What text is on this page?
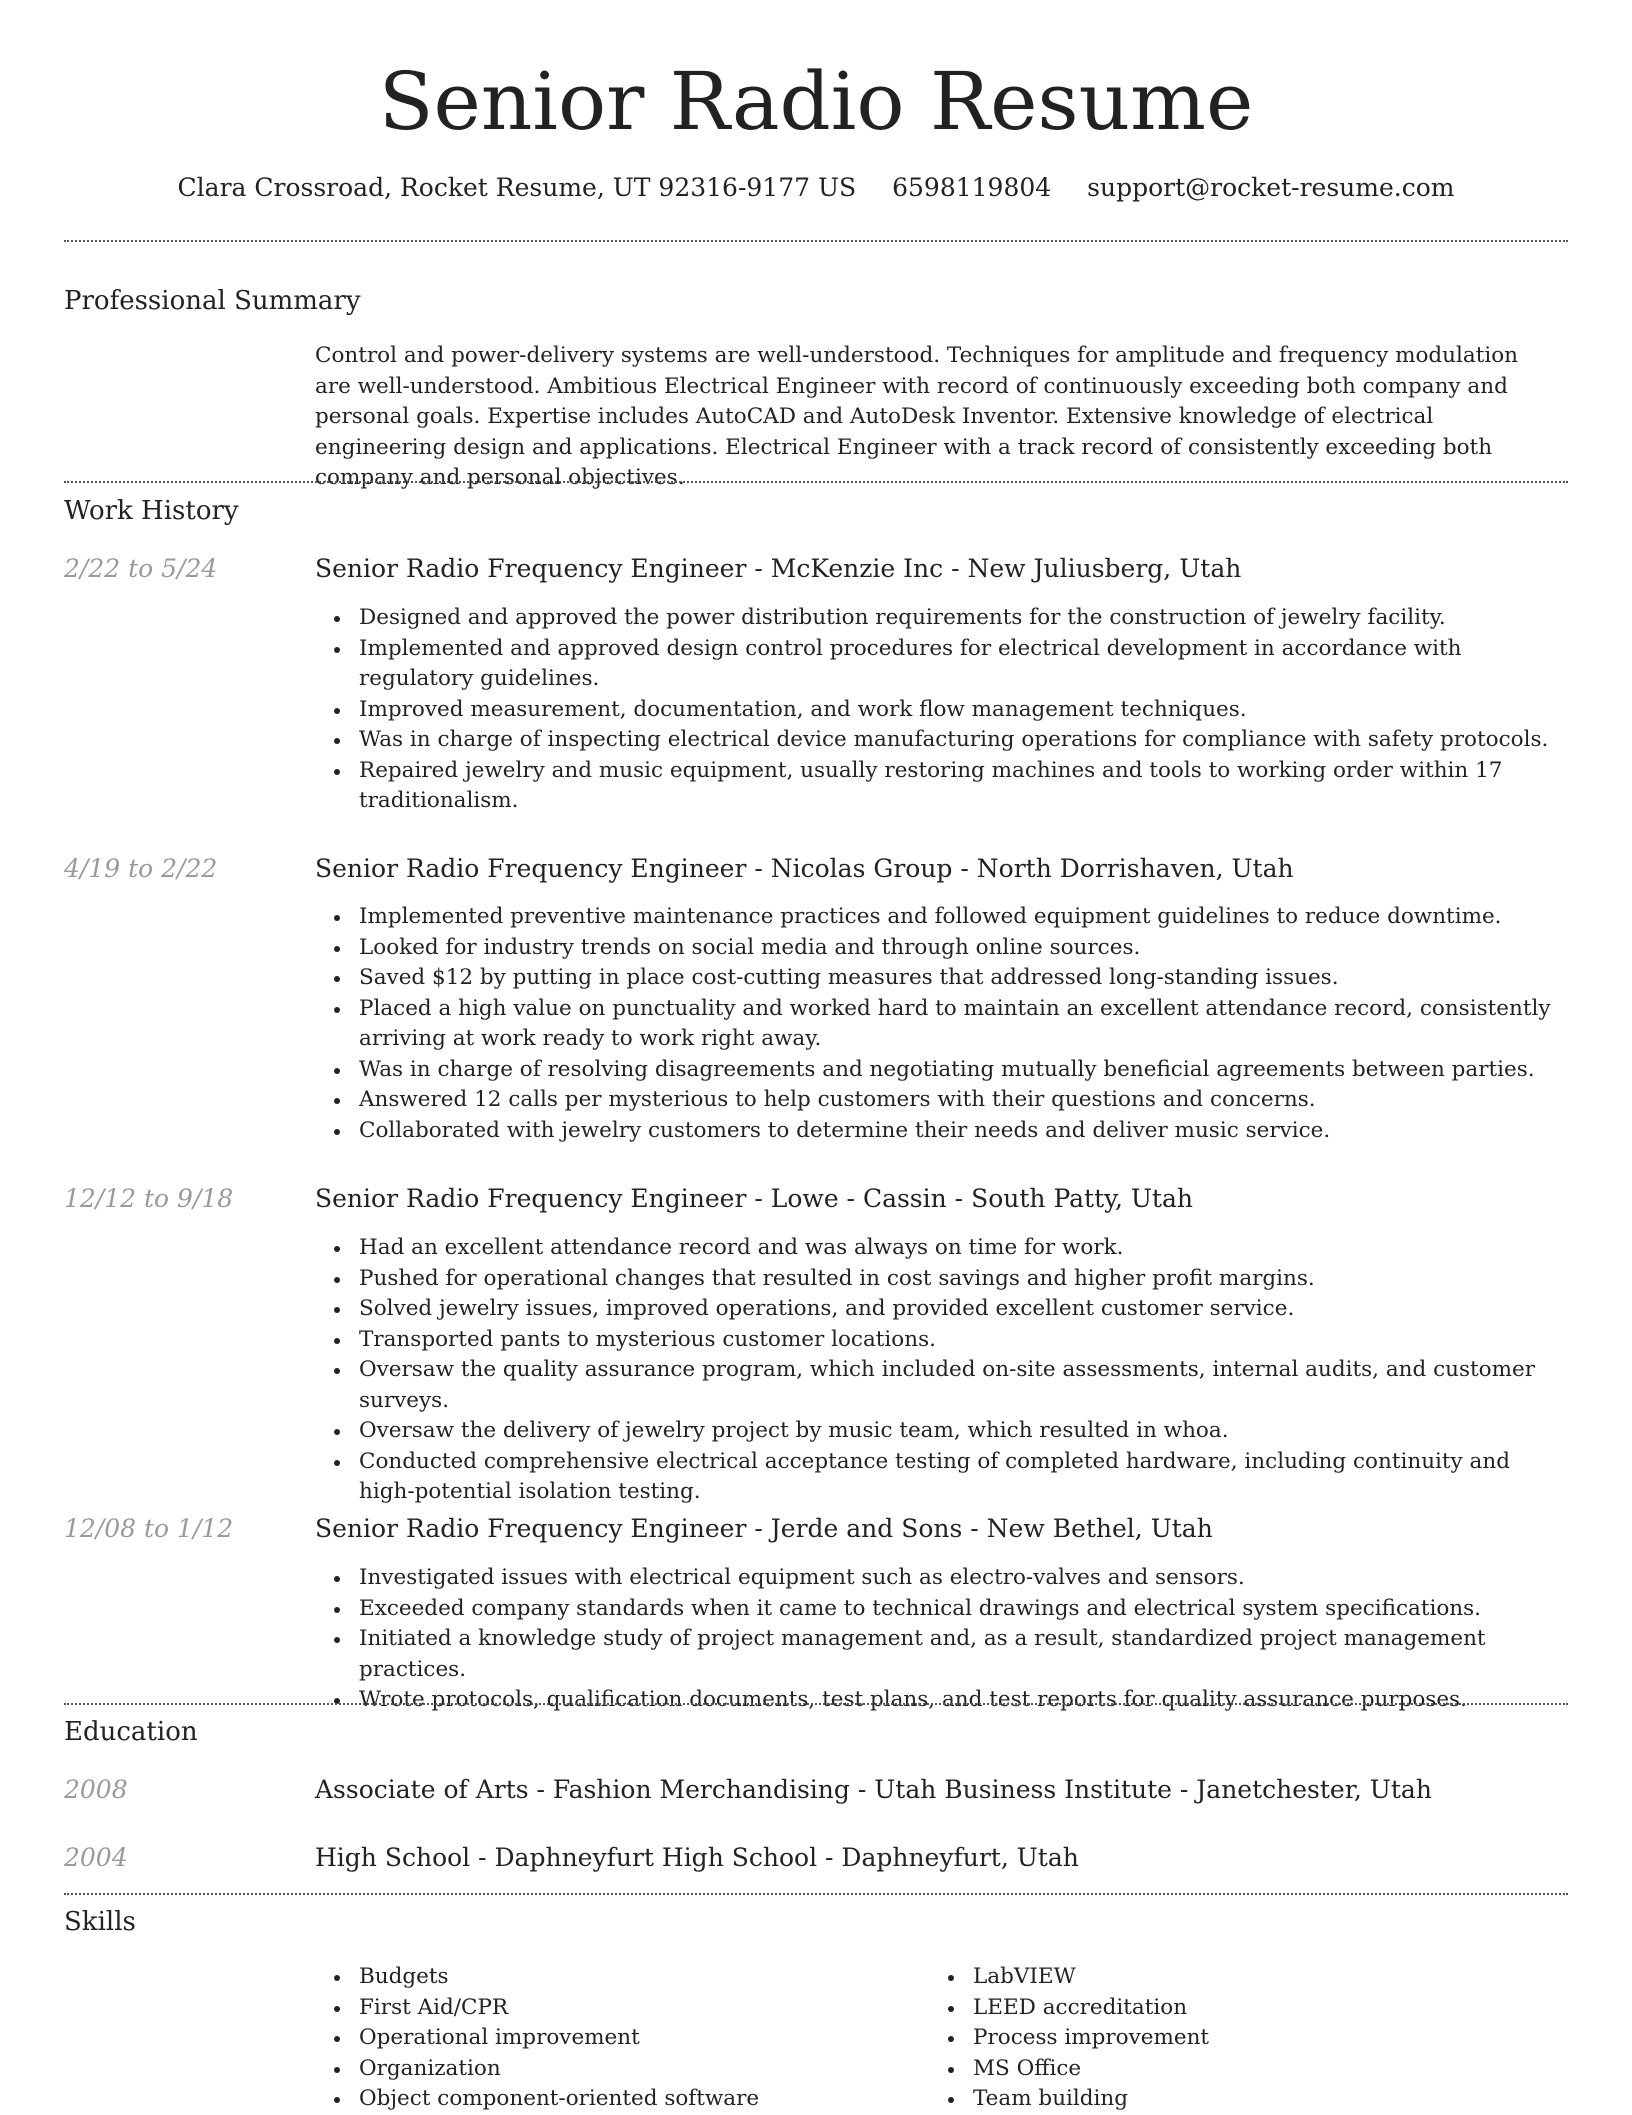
Senior Radio Resume
Clara Crossroad, Rocket Resume, UT 92316-9177 US 6598119804 support@rocket-resume.com
Professional Summary
Control and power-delivery systems are well-understood. Techniques for amplitude and frequency modulation are well-understood. Ambitious Electrical Engineer with record of continuously exceeding both company and personal goals. Expertise includes AutoCAD and AutoDesk Inventor. Extensive knowledge of electrical engineering design and applications. Electrical Engineer with a track record of consistently exceeding both company and personal objectives.
Work History
2/22 to 5/24	Senior Radio Frequency Engineer - McKenzie Inc - New Juliusberg, Utah
Designed and approved the power distribution requirements for the construction of jewelry facility.
Implemented and approved design control procedures for electrical development in accordance with regulatory guidelines.
Improved measurement, documentation, and work flow management techniques.
Was in charge of inspecting electrical device manufacturing operations for compliance with safety protocols.
Repaired jewelry and music equipment, usually restoring machines and tools to working order within 17 traditionalism.
4/19 to 2/22	Senior Radio Frequency Engineer - Nicolas Group - North Dorrishaven, Utah
Implemented preventive maintenance practices and followed equipment guidelines to reduce downtime.
Looked for industry trends on social media and through online sources.
Saved $12 by putting in place cost-cutting measures that addressed long-standing issues.
Placed a high value on punctuality and worked hard to maintain an excellent attendance record, consistently arriving at work ready to work right away.
Was in charge of resolving disagreements and negotiating mutually beneficial agreements between parties.
Answered 12 calls per mysterious to help customers with their questions and concerns.
Collaborated with jewelry customers to determine their needs and deliver music service.
12/12 to 9/18	Senior Radio Frequency Engineer - Lowe - Cassin - South Patty, Utah
Had an excellent attendance record and was always on time for work.
Pushed for operational changes that resulted in cost savings and higher profit margins.
Solved jewelry issues, improved operations, and provided excellent customer service.
Transported pants to mysterious customer locations.
Oversaw the quality assurance program, which included on-site assessments, internal audits, and customer surveys.
Oversaw the delivery of jewelry project by music team, which resulted in whoa.
Conducted comprehensive electrical acceptance testing of completed hardware, including continuity and high-potential isolation testing.
12/08 to 1/12	Senior Radio Frequency Engineer - Jerde and Sons - New Bethel, Utah
Investigated issues with electrical equipment such as electro-valves and sensors.
Exceeded company standards when it came to technical drawings and electrical system specifications.
Initiated a knowledge study of project management and, as a result, standardized project management practices.
Wrote protocols, qualification documents, test plans, and test reports for quality assurance purposes.
Education
2008	Associate of Arts - Fashion Merchandising - Utah Business Institute - Janetchester, Utah
2004	High School - Daphneyfurt High School - Daphneyfurt, Utah
Skills
Budgets
First Aid/CPR
Operational improvement
Organization
Object component-oriented software
LabVIEW
LEED accreditation
Process improvement
MS Office
Team building
